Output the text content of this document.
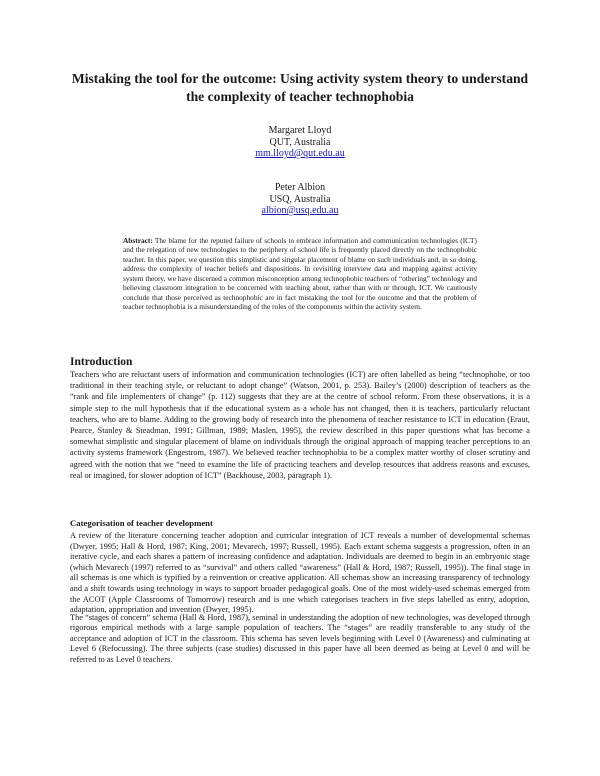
Mistaking the tool for the outcome: Using activity system theory to understand the complexity of teacher technophobia
Margaret Lloyd
QUT, Australia
mm.lloyd@qut.edu.au
Peter Albion
USQ, Australia
albion@usq.edu.au
Abstract: The blame for the reputed failure of schools to embrace information and communication technologies (ICT) and the relegation of new technologies to the periphery of school life is frequently placed directly on the technophobic teacher. In this paper, we question this simplistic and singular placement of blame on such individuals and, in so doing, address the complexity of teacher beliefs and dispositions. In revisiting interview data and mapping against activity system theory, we have discerned a common misconception among technophobic teachers of “othering” technology and believing classroom integration to be concerned with teaching about, rather than with or through, ICT. We cautiously conclude that those perceived as technophobic are in fact mistaking the tool for the outcome and that the problem of teacher technophobia is a misunderstanding of the roles of the components within the activity system.
Introduction
Teachers who are reluctant users of information and communication technologies (ICT) are often labelled as being “technophobe, or too traditional in their teaching style, or reluctant to adopt change” (Watson, 2001, p. 253). Bailey’s (2000) description of teachers as the “rank and file implementers of change” (p. 112) suggests that they are at the centre of school reform. From these observations, it is a simple step to the null hypothesis that if the educational system as a whole has not changed, then it is teachers, particularly reluctant teachers, who are to blame. Adding to the growing body of research into the phenomena of teacher resistance to ICT in education (Eraut, Pearce, Stanley & Steadman, 1991; Gillman, 1989; Maslen, 1995), the review described in this paper questions what has become a somewhat simplistic and singular placement of blame on individuals through the original approach of mapping teacher perceptions to an activity systems framework (Engestrom, 1987). We believed teacher technophobia to be a complex matter worthy of closer scrutiny and agreed with the notion that we “need to examine the life of practicing teachers and develop resources that address reasons and excuses, real or imagined, for slower adoption of ICT” (Backhouse, 2003, paragraph 1).
Categorisation of teacher development
A review of the literature concerning teacher adoption and curricular integration of ICT reveals a number of developmental schemas (Dwyer, 1995; Hall & Hord, 1987; King, 2001; Mevarech, 1997; Russell, 1995). Each extant schema suggests a progression, often in an iterative cycle, and each shares a pattern of increasing confidence and adaptation. Individuals are deemed to begin in an embryonic stage (which Mevarech (1997) referred to as “survival” and others called “awareness” (Hall & Hord, 1987; Russell, 1995)). The final stage in all schemas is one which is typified by a reinvention or creative application. All schemas show an increasing transparency of technology and a shift towards using technology in ways to support broader pedagogical goals. One of the most widely-used schemas emerged from the ACOT (Apple Classrooms of Tomorrow) research and is one which categorises teachers in five steps labelled as entry, adoption, adaptation, appropriation and invention (Dwyer, 1995).
The “stages of concern” schema (Hall & Hord, 1987), seminal in understanding the adoption of new technologies, was developed through rigorous empirical methods with a large sample population of teachers. The “stages” are readily transferable to any study of the acceptance and adoption of ICT in the classroom. This schema has seven levels beginning with Level 0 (Awareness) and culminating at Level 6 (Refocussing). The three subjects (case studies) discussed in this paper have all been deemed as being at Level 0 and will be referred to as Level 0 teachers.
